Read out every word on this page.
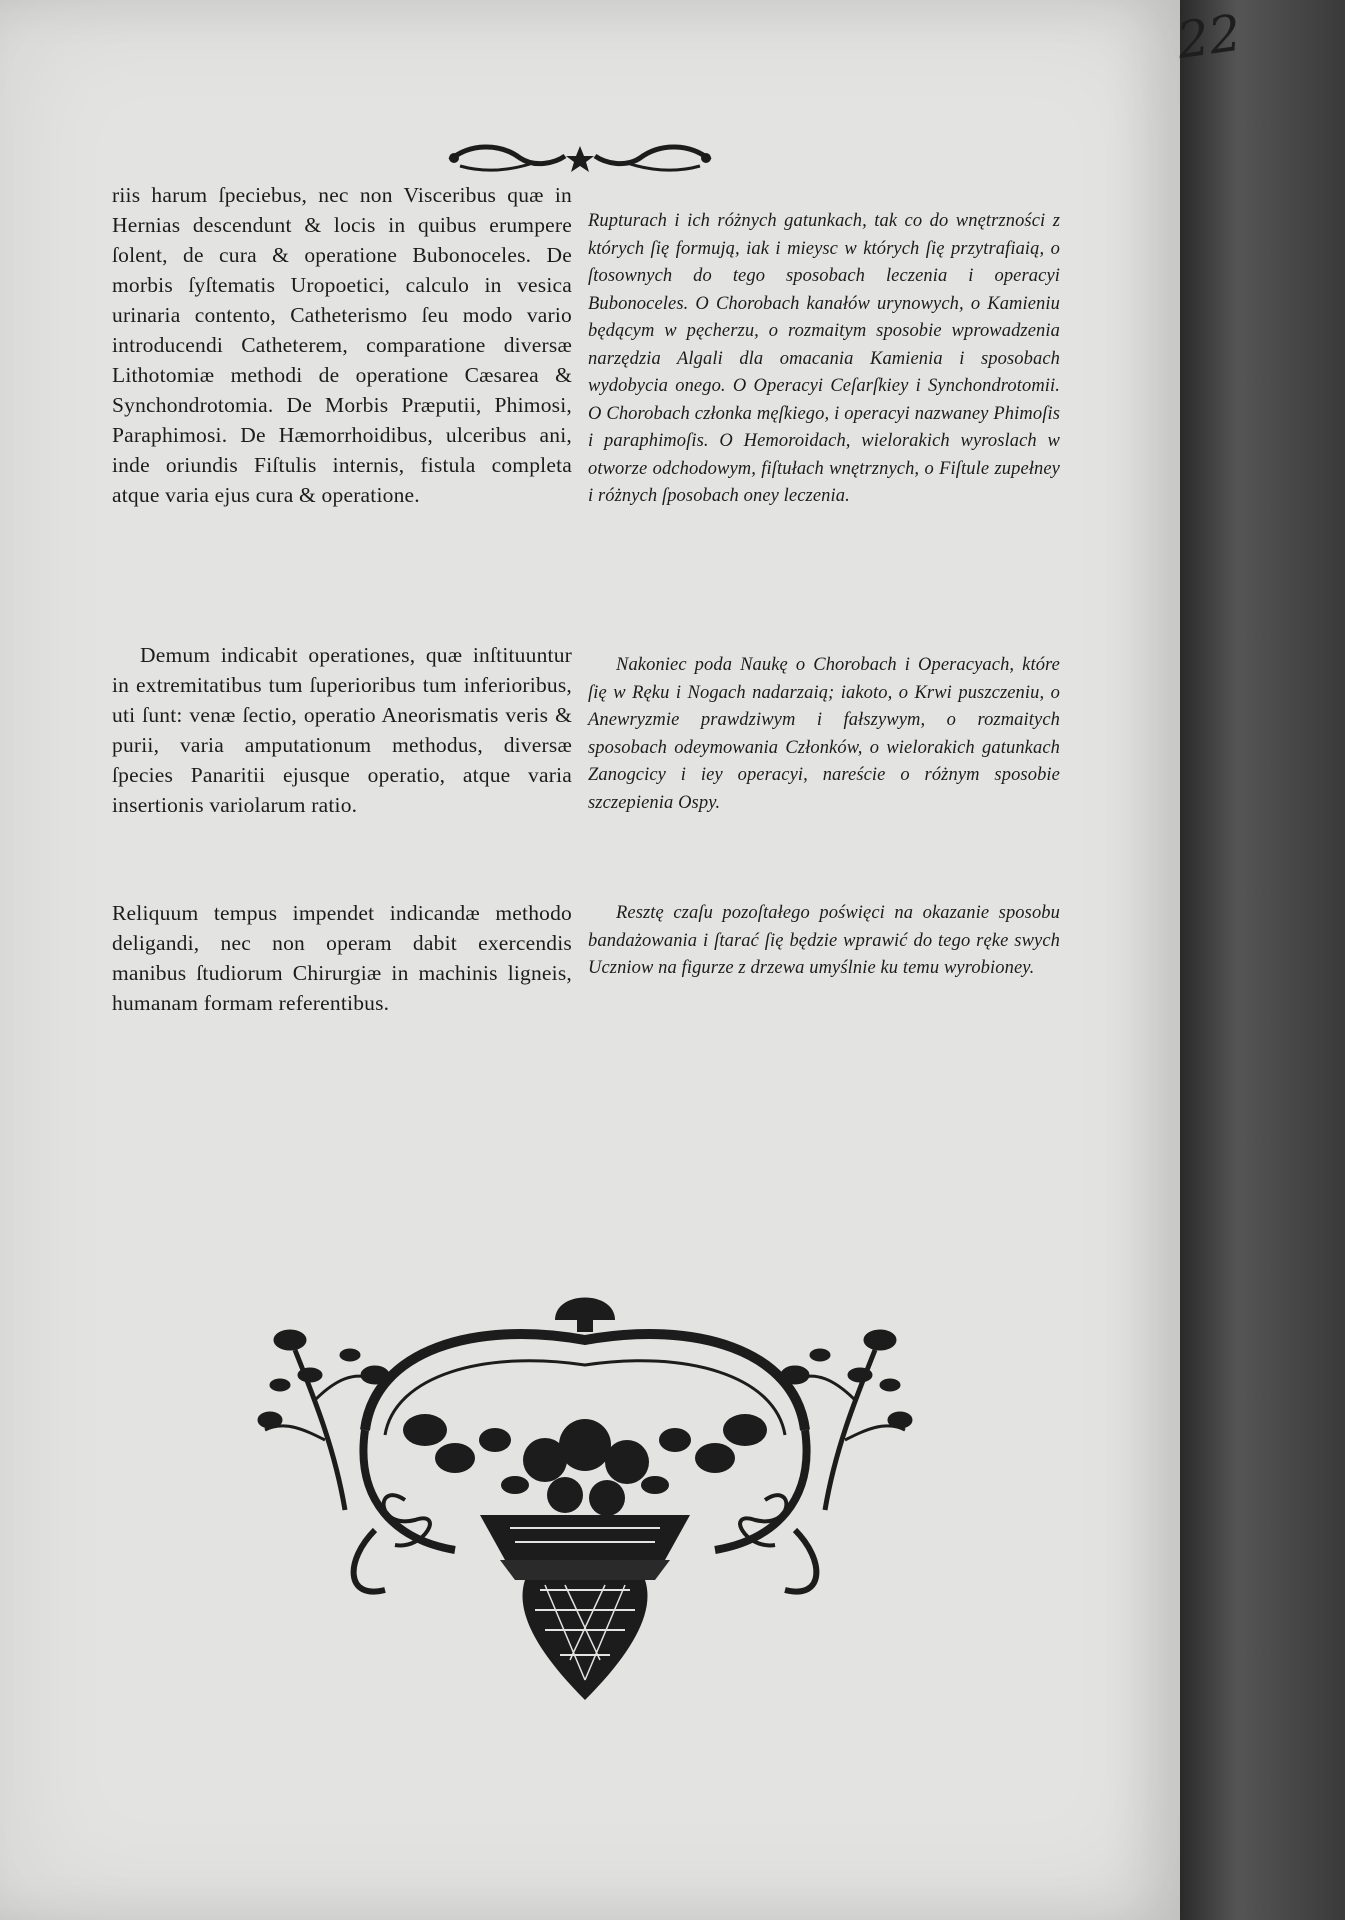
riis harum ſpeciebus, nec non Visceribus quæ in Hernias descendunt & locis in quibus erumpere ſolent, de cura & operatione Bubonoceles. De morbis ſyſtematis Uropoetici, calculo in vesica urinaria contento, Catheterismo ſeu modo vario introducendi Catheterem, comparatione diversæ Lithotomiæ methodi de operatione Cæsarea & Synchondrotomia. De Morbis Præputii, Phimosi, Paraphimosi. De Hæmorrhoidibus, ulceribus ani, inde oriundis Fiſtulis internis, fistula completa atque varia ejus cura & operatione.

Demum indicabit operationes, quæ inſtituuntur in extremitatibus tum ſuperioribus tum inferioribus, uti ſunt: venæ ſectio, operatio Aneorismatis veris & purii, varia amputationum methodus, diversæ ſpecies Panaritii ejusque operatio, atque varia insertionis variolarum ratio.

Reliquum tempus impendet indicandæ methodo deligandi, nec non operam dabit exercendis manibus ſtudiorum Chirurgiæ in machinis ligneis, humanam formam referentibus.

Rupturach i ich różnych gatunkach, tak co do wnętrzności z których ſię formują, iak i mieysc w których ſię przytrafiaią, o ſtosownych do tego sposobach leczenia i operacyi Bubonoceles. O Chorobach kanałów urynowych, o Kamieniu będącym w pęcherzu, o rozmaitym sposobie wprowadzenia narzędzia Algali dla omacania Kamienia i sposobach wydobycia onego. O Operacyi Ceſarſkiey i Synchondrotomii. O Chorobach członka męſkiego, i operacyi nazwaney Phimoſis i paraphimoſis. O Hemoroidach, wielorakich wyroslach w otworze odchodowym, fiſtułach wnętrznych, o Fiſtule zupełney i różnych ſposobach oney leczenia.

Nakoniec poda Naukę o Chorobach i Operacyach, które ſię w Ręku i Nogach nadarzaią; iakoto, o Krwi puszczeniu, o Anewryzmie prawdziwym i fałszywym, o rozmaitych sposobach odeymowania Członków, o wielorakich gatunkach Zanogcicy i iey operacyi, nareście o różnym sposobie szczepienia Ospy.

Resztę czaſu pozoſtałego poświęci na okazanie sposobu bandażowania i ſtarać ſię będzie wprawić do tego ręke swych Uczniow na figurze z drzewa umyślnie ku temu wyrobioney.

22
